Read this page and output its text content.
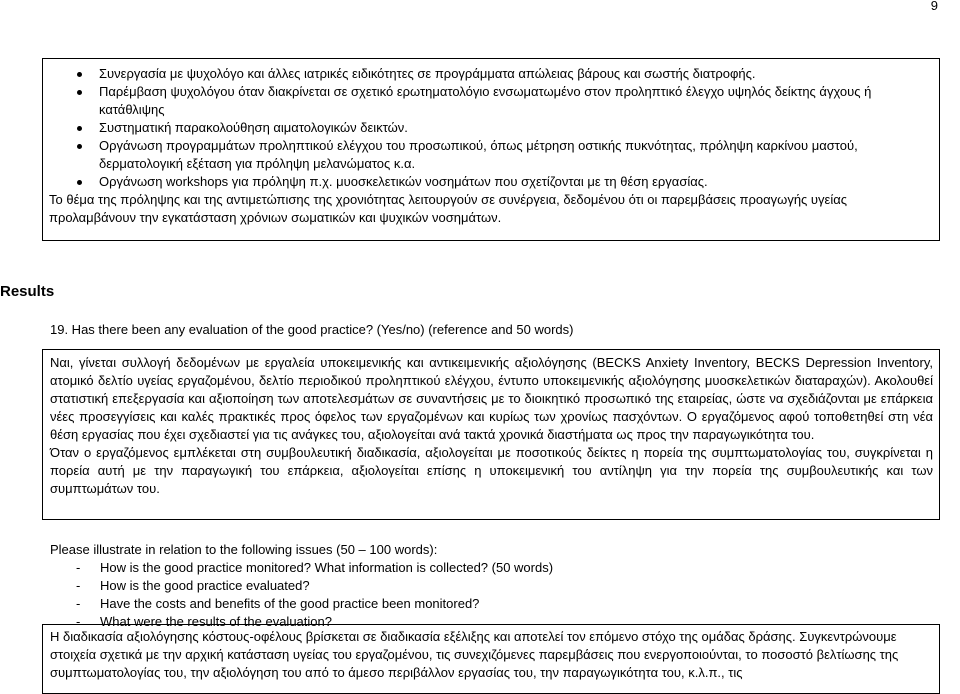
9
Συνεργασία με ψυχολόγο και άλλες ιατρικές ειδικότητες σε προγράμματα απώλειας βάρους και σωστής διατροφής.
Παρέμβαση ψυχολόγου όταν διακρίνεται σε σχετικό ερωτηματολόγιο ενσωματωμένο στον προληπτικό έλεγχο υψηλός δείκτης άγχους ή κατάθλιψης
Συστηματική παρακολούθηση αιματολογικών δεικτών.
Οργάνωση προγραμμάτων προληπτικού ελέγχου του προσωπικού, όπως μέτρηση οστικής πυκνότητας, πρόληψη καρκίνου μαστού, δερματολογική εξέταση για πρόληψη μελανώματος κ.α.
Οργάνωση workshops για πρόληψη π.χ. μυοσκελετικών νοσημάτων που σχετίζονται με τη θέση εργασίας.

Το θέμα της πρόληψης και της αντιμετώπισης της χρονιότητας λειτουργούν σε συνέργεια, δεδομένου ότι οι παρεμβάσεις προαγωγής υγείας προλαμβάνουν την εγκατάσταση χρόνιων σωματικών και ψυχικών νοσημάτων.

Results
19. Has there been any evaluation of the good practice? (Yes/no) (reference and 50 words)

Ναι, γίνεται συλλογή δεδομένων με εργαλεία υποκειμενικής και αντικειμενικής αξιολόγησης (BECKS Anxiety Inventory, BECKS Depression Inventory, ατομικό δελτίο υγείας εργαζομένου, δελτίο περιοδικού προληπτικού ελέγχου, έντυπο υποκειμενικής αξιολόγησης μυοσκελετικών διαταραχών). Ακολουθεί στατιστική επεξεργασία και αξιοποίηση των αποτελεσμάτων σε συναντήσεις με το διοικητικό προσωπικό της εταιρείας, ώστε να σχεδιάζονται με επάρκεια νέες προσεγγίσεις και καλές πρακτικές προς όφελος των εργαζομένων και κυρίως των χρονίως πασχόντων. Ο εργαζόμενος αφού τοποθετηθεί στη νέα θέση εργασίας που έχει σχεδιαστεί για τις ανάγκες του, αξιολογείται ανά τακτά χρονικά διαστήματα ως προς την παραγωγικότητα του.

Όταν ο εργαζόμενος εμπλέκεται στη συμβουλευτική διαδικασία, αξιολογείται με ποσοτικούς δείκτες η πορεία της συμπτωματολογίας του, συγκρίνεται η πορεία αυτή με την παραγωγική του επάρκεια, αξιολογείται επίσης η υποκειμενική του αντίληψη για την πορεία της συμβουλευτικής και των συμπτωμάτων του.

Please illustrate in relation to the following issues (50 – 100 words):
- How is the good practice monitored? What information is collected? (50 words)
- How is the good practice evaluated?
- Have the costs and benefits of the good practice been monitored?
- What were the results of the evaluation?

Η διαδικασία αξιολόγησης κόστους-οφέλους βρίσκεται σε διαδικασία εξέλιξης και αποτελεί τον επόμενο στόχο της ομάδας δράσης. Συγκεντρώνουμε στοιχεία σχετικά με την αρχική κατάσταση υγείας του εργαζομένου, τις συνεχιζόμενες παρεμβάσεις που ενεργοποιούνται, τo ποσοστό βελτίωσης της συμπτωματολογίας του, την αξιολόγηση του από το άμεσο περιβάλλον εργασίας του, την παραγωγικότητα του, κ.λ.π., τις
